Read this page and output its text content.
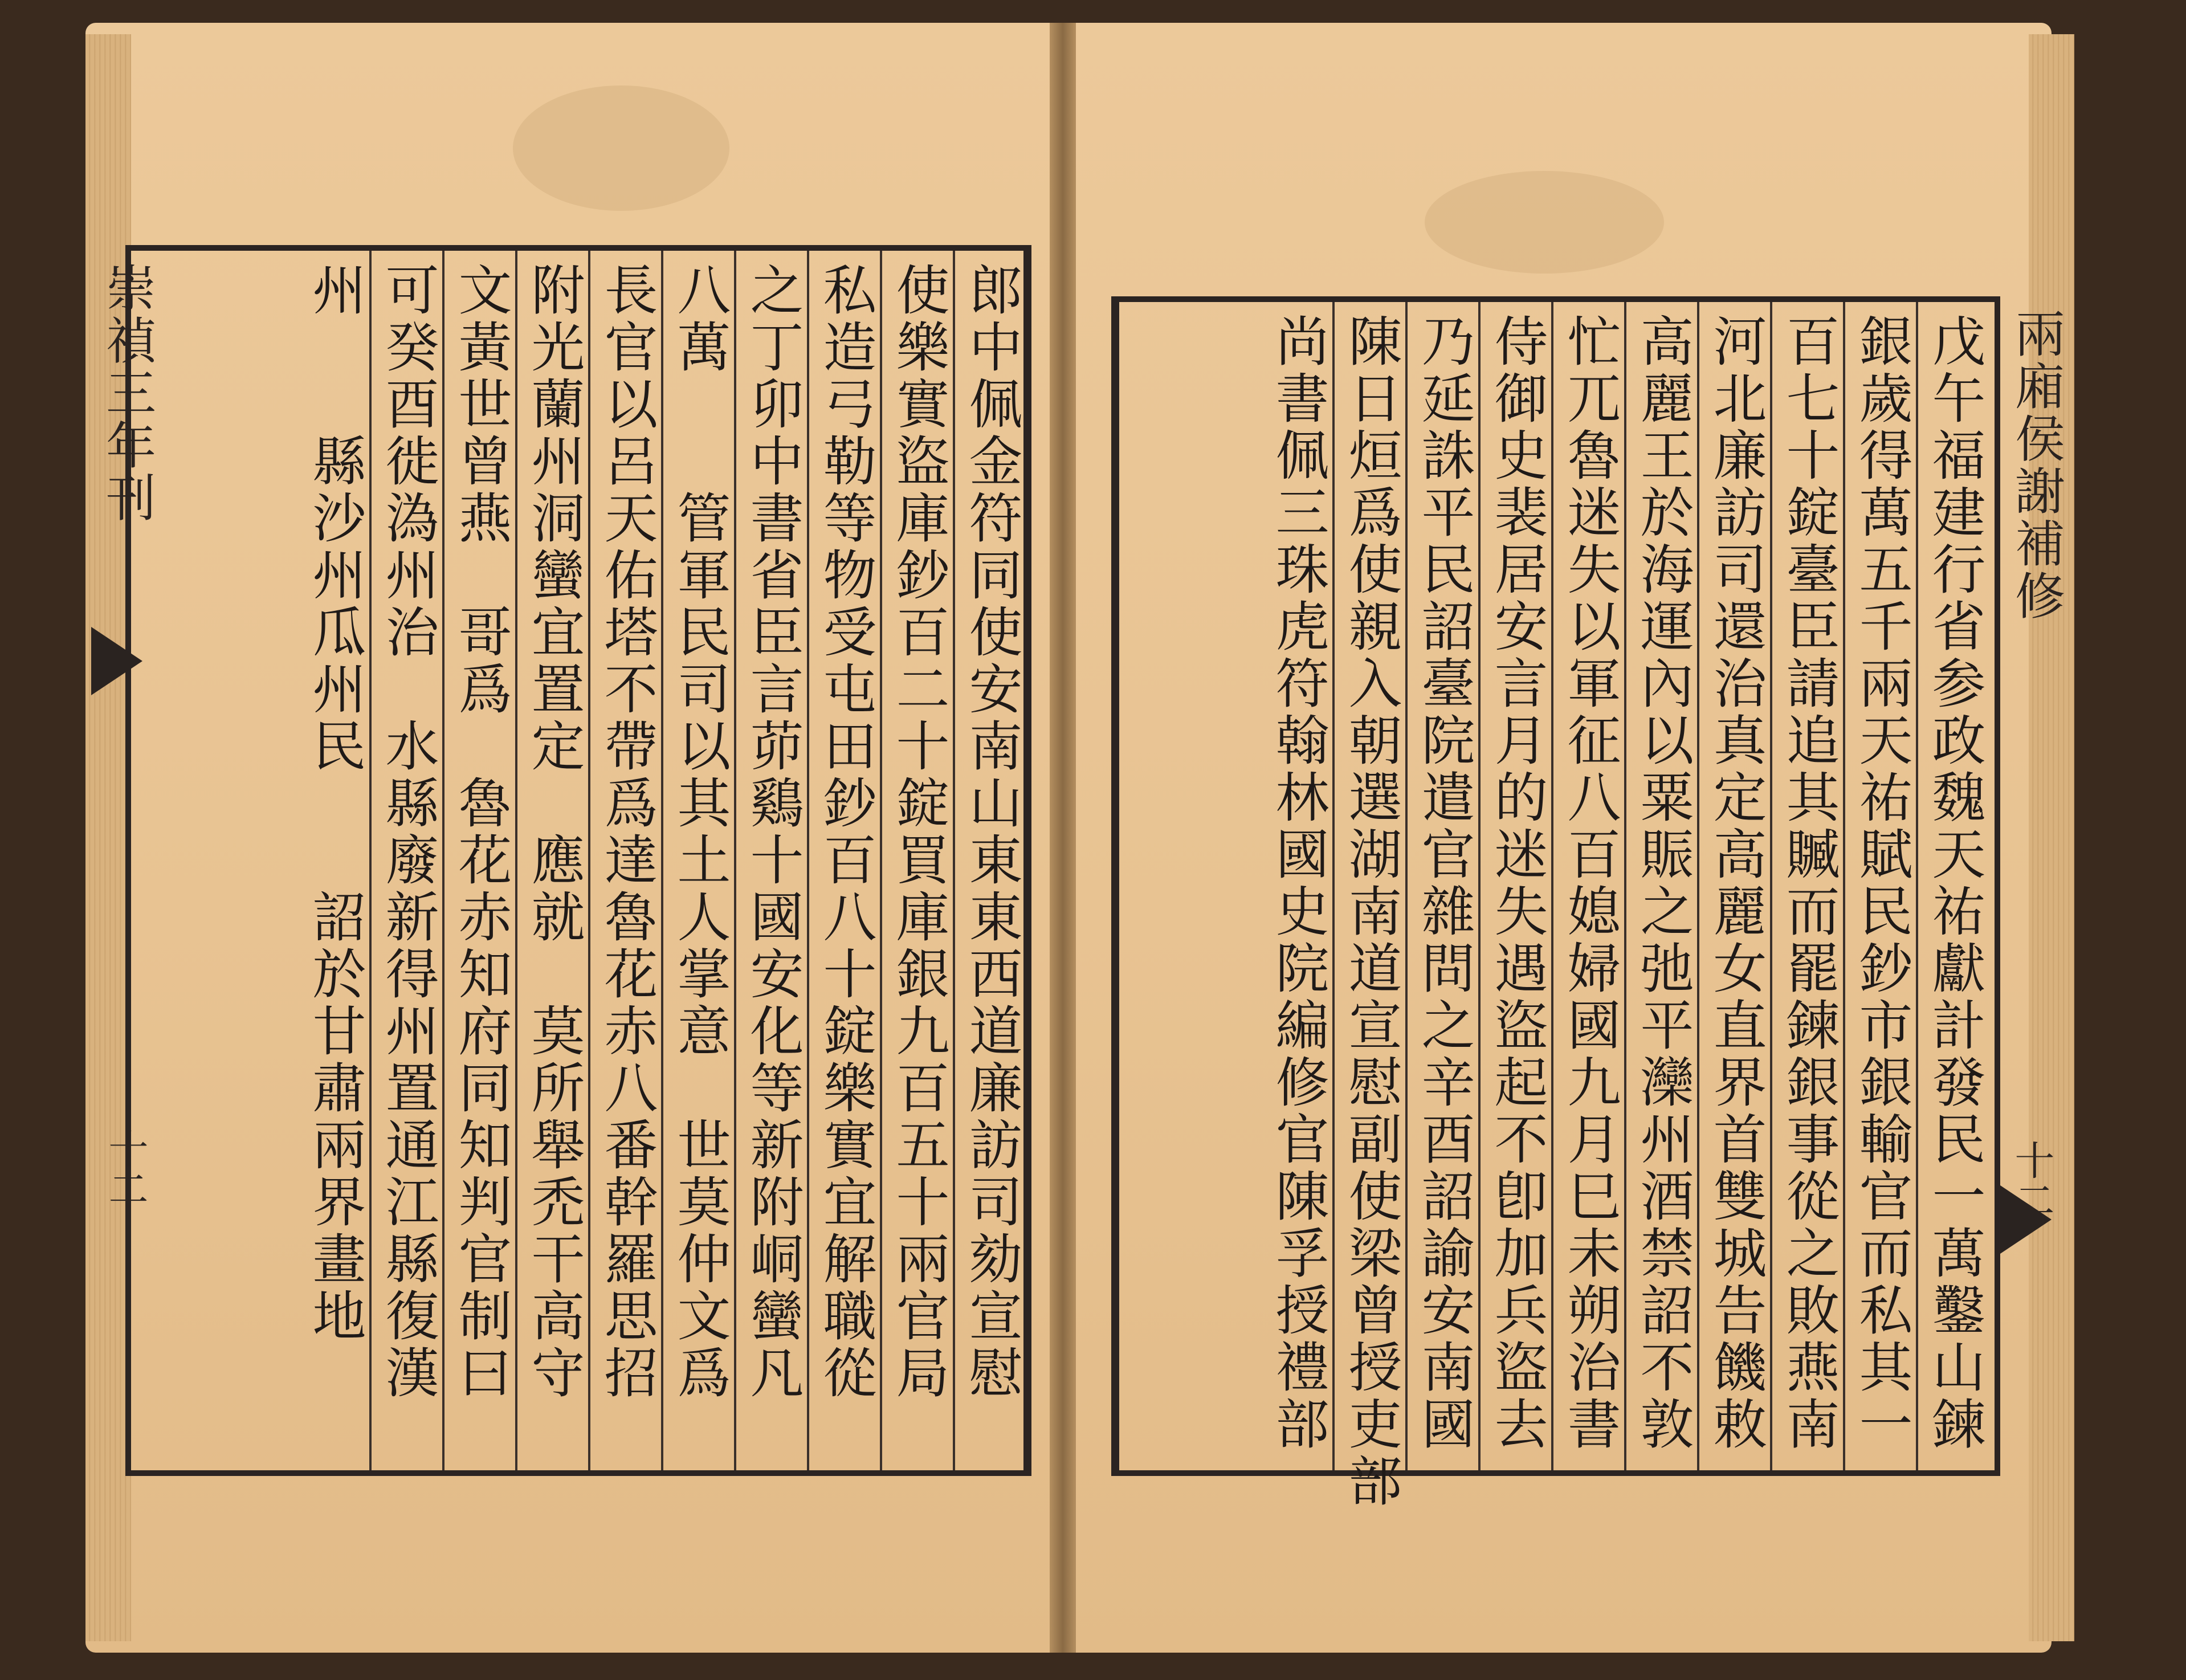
崇禎三年刊
十二
兩廂侯謝補修
十二
郎中佩金符同使安南山東東西道廉訪司劾宣慰
使樂實盜庫鈔百二十錠買庫銀九百五十兩官局
私造弓勒等物受屯田鈔百八十錠樂實宜解職從
之丁卯中書省臣言茆鷄十國安化等新附峒蠻凡
八萬　　管軍民司以其土人掌意　世莫仲文爲
長官以呂天佑塔不帶爲達魯花赤八番幹羅思招
附光蘭州洞蠻宜置定　應就　莫所舉禿干高守
文黃世曾燕　哥爲　魯花赤知府同知判官制曰
可癸酉徙溈州治　水縣廢新得州置通江縣復漢
州　　縣沙州瓜州民　　詔於甘肅兩界畫地	戊午福建行省参政魏天祐獻計發民一萬鑿山鍊
銀歲得萬五千兩天祐賦民鈔市銀輸官而私其一
百七十錠臺臣請追其贓而罷鍊銀事從之敗燕南
河北廉訪司還治真定高麗女直界首雙城告饑敕
高麗王於海運內以粟賑之弛平灤州酒禁詔不敦
忙兀魯迷失以軍征八百媳婦國九月巳未朔治書
侍御史裴居安言月的迷失遇盜起不卽加兵盜去
乃延誅平民詔臺院遣官雜問之辛酉詔諭安南國
陳日烜爲使親入朝選湖南道宣慰副使梁曾授吏部
尚書佩三珠虎符翰林國史院編修官陳孚授禮部
